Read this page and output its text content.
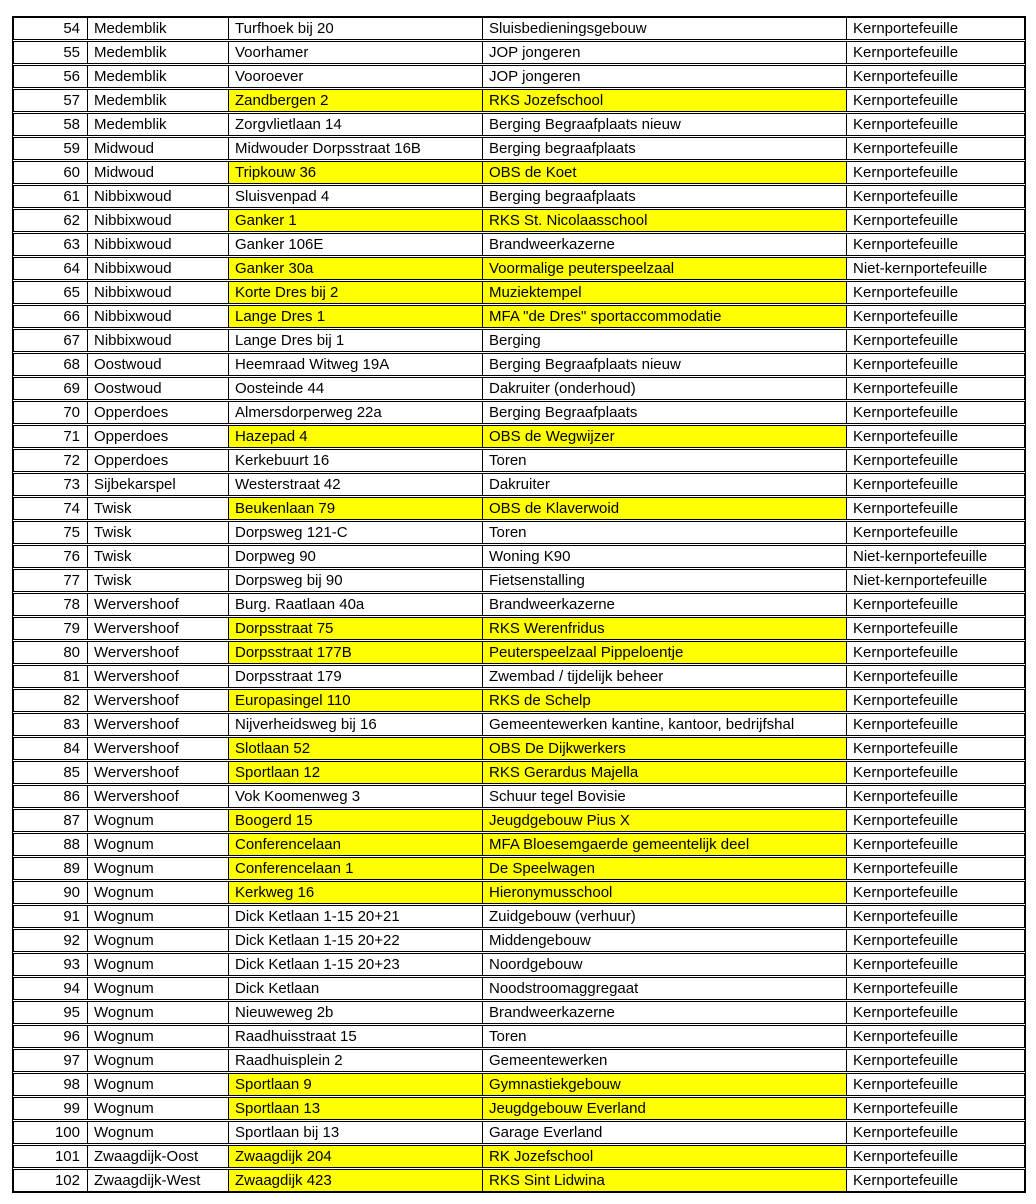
54 Medemblik	Turfhoek bij 20	Sluisbedieningsgebouw	Kernportefeuille
55 Medemblik	Voorhamer	JOP jongeren	Kernportefeuille
56 Medemblik	Vooroever	JOP jongeren	Kernportefeuille
57 Medemblik	Zandbergen 2	RKS Jozefschool	Kernportefeuille
58 Medemblik	Zorgvlietlaan 14	Berging Begraafplaats nieuw	Kernportefeuille
59 Midwoud	Midwouder Dorpsstraat 16B	Berging begraafplaats	Kernportefeuille
60 Midwoud	Tripkouw 36	OBS de Koet	Kernportefeuille
61 Nibbixwoud	Sluisvenpad 4	Berging begraafplaats	Kernportefeuille
62 Nibbixwoud	Ganker 1	RKS St. Nicolaasschool	Kernportefeuille
63 Nibbixwoud	Ganker 106E	Brandweerkazerne	Kernportefeuille
64 Nibbixwoud	Ganker 30a	Voormalige peuterspeelzaal	Niet-kernportefeuille
65 Nibbixwoud	Korte Dres bij 2	Muziektempel	Kernportefeuille
66 Nibbixwoud	Lange Dres 1	MFA "de Dres" sportaccommodatie	Kernportefeuille
67 Nibbixwoud	Lange Dres bij 1	Berging	Kernportefeuille
68 Oostwoud	Heemraad Witweg 19A	Berging Begraafplaats nieuw	Kernportefeuille
69 Oostwoud	Oosteinde 44	Dakruiter (onderhoud)	Kernportefeuille
70 Opperdoes	Almersdorperweg 22a	Berging Begraafplaats	Kernportefeuille
71 Opperdoes	Hazepad 4	OBS de Wegwijzer	Kernportefeuille
72 Opperdoes	Kerkebuurt 16	Toren	Kernportefeuille
73 Sijbekarspel	Westerstraat 42	Dakruiter	Kernportefeuille
74 Twisk	Beukenlaan 79	OBS de Klaverwoid	Kernportefeuille
75 Twisk	Dorpsweg 121-C	Toren	Kernportefeuille
76 Twisk	Dorpweg 90	Woning K90	Niet-kernportefeuille
77 Twisk	Dorpsweg bij 90	Fietsenstalling	Niet-kernportefeuille
78 Wervershoof	Burg. Raatlaan 40a	Brandweerkazerne	Kernportefeuille
79 Wervershoof	Dorpsstraat 75	RKS Werenfridus	Kernportefeuille
80 Wervershoof	Dorpsstraat 177B	Peuterspeelzaal Pippeloentje	Kernportefeuille
81 Wervershoof	Dorpsstraat 179	Zwembad / tijdelijk beheer	Kernportefeuille
82 Wervershoof	Europasingel 110	RKS de Schelp	Kernportefeuille
83 Wervershoof	Nijverheidsweg bij 16	Gemeentewerken kantine, kantoor, bedrijfshal	Kernportefeuille
84 Wervershoof	Slotlaan 52	OBS De Dijkwerkers	Kernportefeuille
85 Wervershoof	Sportlaan 12	RKS Gerardus Majella	Kernportefeuille
86 Wervershoof	Vok Koomenweg 3	Schuur tegel Bovisie	Kernportefeuille
87 Wognum	Boogerd 15	Jeugdgebouw Pius X	Kernportefeuille
88 Wognum	Conferencelaan	MFA Bloesemgaerde gemeentelijk deel	Kernportefeuille
89 Wognum	Conferencelaan 1	De Speelwagen	Kernportefeuille
90 Wognum	Kerkweg 16	Hieronymusschool	Kernportefeuille
91 Wognum	Dick Ketlaan 1-15 20+21	Zuidgebouw (verhuur)	Kernportefeuille
92 Wognum	Dick Ketlaan 1-15 20+22	Middengebouw	Kernportefeuille
93 Wognum	Dick Ketlaan 1-15 20+23	Noordgebouw	Kernportefeuille
94 Wognum	Dick Ketlaan	Noodstroomaggregaat	Kernportefeuille
95 Wognum	Nieuweweg 2b	Brandweerkazerne	Kernportefeuille
96 Wognum	Raadhuisstraat 15	Toren	Kernportefeuille
97 Wognum	Raadhuisplein 2	Gemeentewerken	Kernportefeuille
98 Wognum	Sportlaan 9	Gymnastiekgebouw	Kernportefeuille
99 Wognum	Sportlaan 13	Jeugdgebouw Everland	Kernportefeuille
100 Wognum	Sportlaan bij 13	Garage Everland	Kernportefeuille
101 Zwaagdijk-Oost	Zwaagdijk 204	RK Jozefschool	Kernportefeuille
102 Zwaagdijk-West	Zwaagdijk 423	RKS Sint Lidwina	Kernportefeuille
